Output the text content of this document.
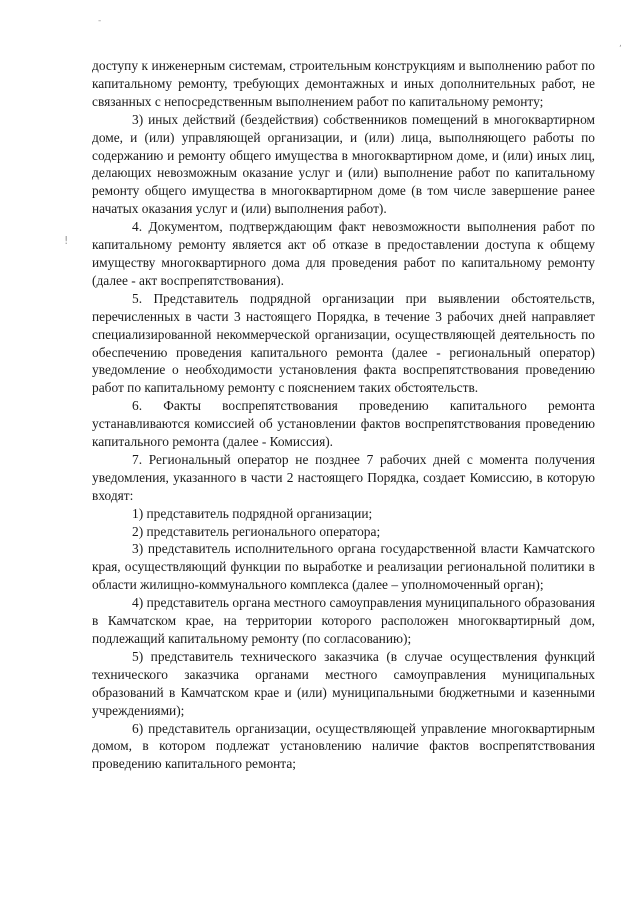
-
,
!

доступу к инженерным системам, строительным конструкциям и выполнению работ по капитальному ремонту, требующих демонтажных и иных дополнительных работ, не связанных с непосредственным выполнением работ по капитальному ремонту;

3) иных действий (бездействия) собственников помещений в многоквартирном доме, и (или) управляющей организации, и (или) лица, выполняющего работы по содержанию и ремонту общего имущества в многоквартирном доме, и (или) иных лиц, делающих невозможным оказание услуг и (или) выполнение работ по капитальному ремонту общего имущества в многоквартирном доме (в том числе завершение ранее начатых оказания услуг и (или) выполнения работ).

4. Документом, подтверждающим факт невозможности выполнения работ по капитальному ремонту является акт об отказе в предоставлении доступа к общему имуществу многоквартирного дома для проведения работ по капитальному ремонту (далее - акт воспрепятствования).

5. Представитель подрядной организации при выявлении обстоятельств, перечисленных в части 3 настоящего Порядка, в течение 3 рабочих дней направляет специализированной некоммерческой организации, осуществляющей деятельность по обеспечению проведения капитального ремонта (далее - региональный оператор) уведомление о необходимости установления факта воспрепятствования проведению работ по капитальному ремонту с пояснением таких обстоятельств.

6. Факты воспрепятствования проведению капитального ремонта устанавливаются комиссией об установлении фактов воспрепятствования проведению капитального ремонта (далее - Комиссия).

7. Региональный оператор не позднее 7 рабочих дней с момента получения уведомления, указанного в части 2 настоящего Порядка, создает Комиссию, в которую входят:

1) представитель подрядной организации;

2) представитель регионального оператора;

3) представитель исполнительного органа государственной власти Камчатского края, осуществляющий функции по выработке и реализации региональной политики в области жилищно-коммунального комплекса (далее – уполномоченный орган);

4) представитель органа местного самоуправления муниципального образования в Камчатском крае, на территории которого расположен многоквартирный дом, подлежащий капитальному ремонту (по согласованию);

5) представитель технического заказчика (в случае осуществления функций технического заказчика органами местного самоуправления муниципальных образований в Камчатском крае и (или) муниципальными бюджетными и казенными учреждениями);

6) представитель организации, осуществляющей управление многоквартирным домом, в котором подлежат установлению наличие фактов воспрепятствования проведению капитального ремонта;
